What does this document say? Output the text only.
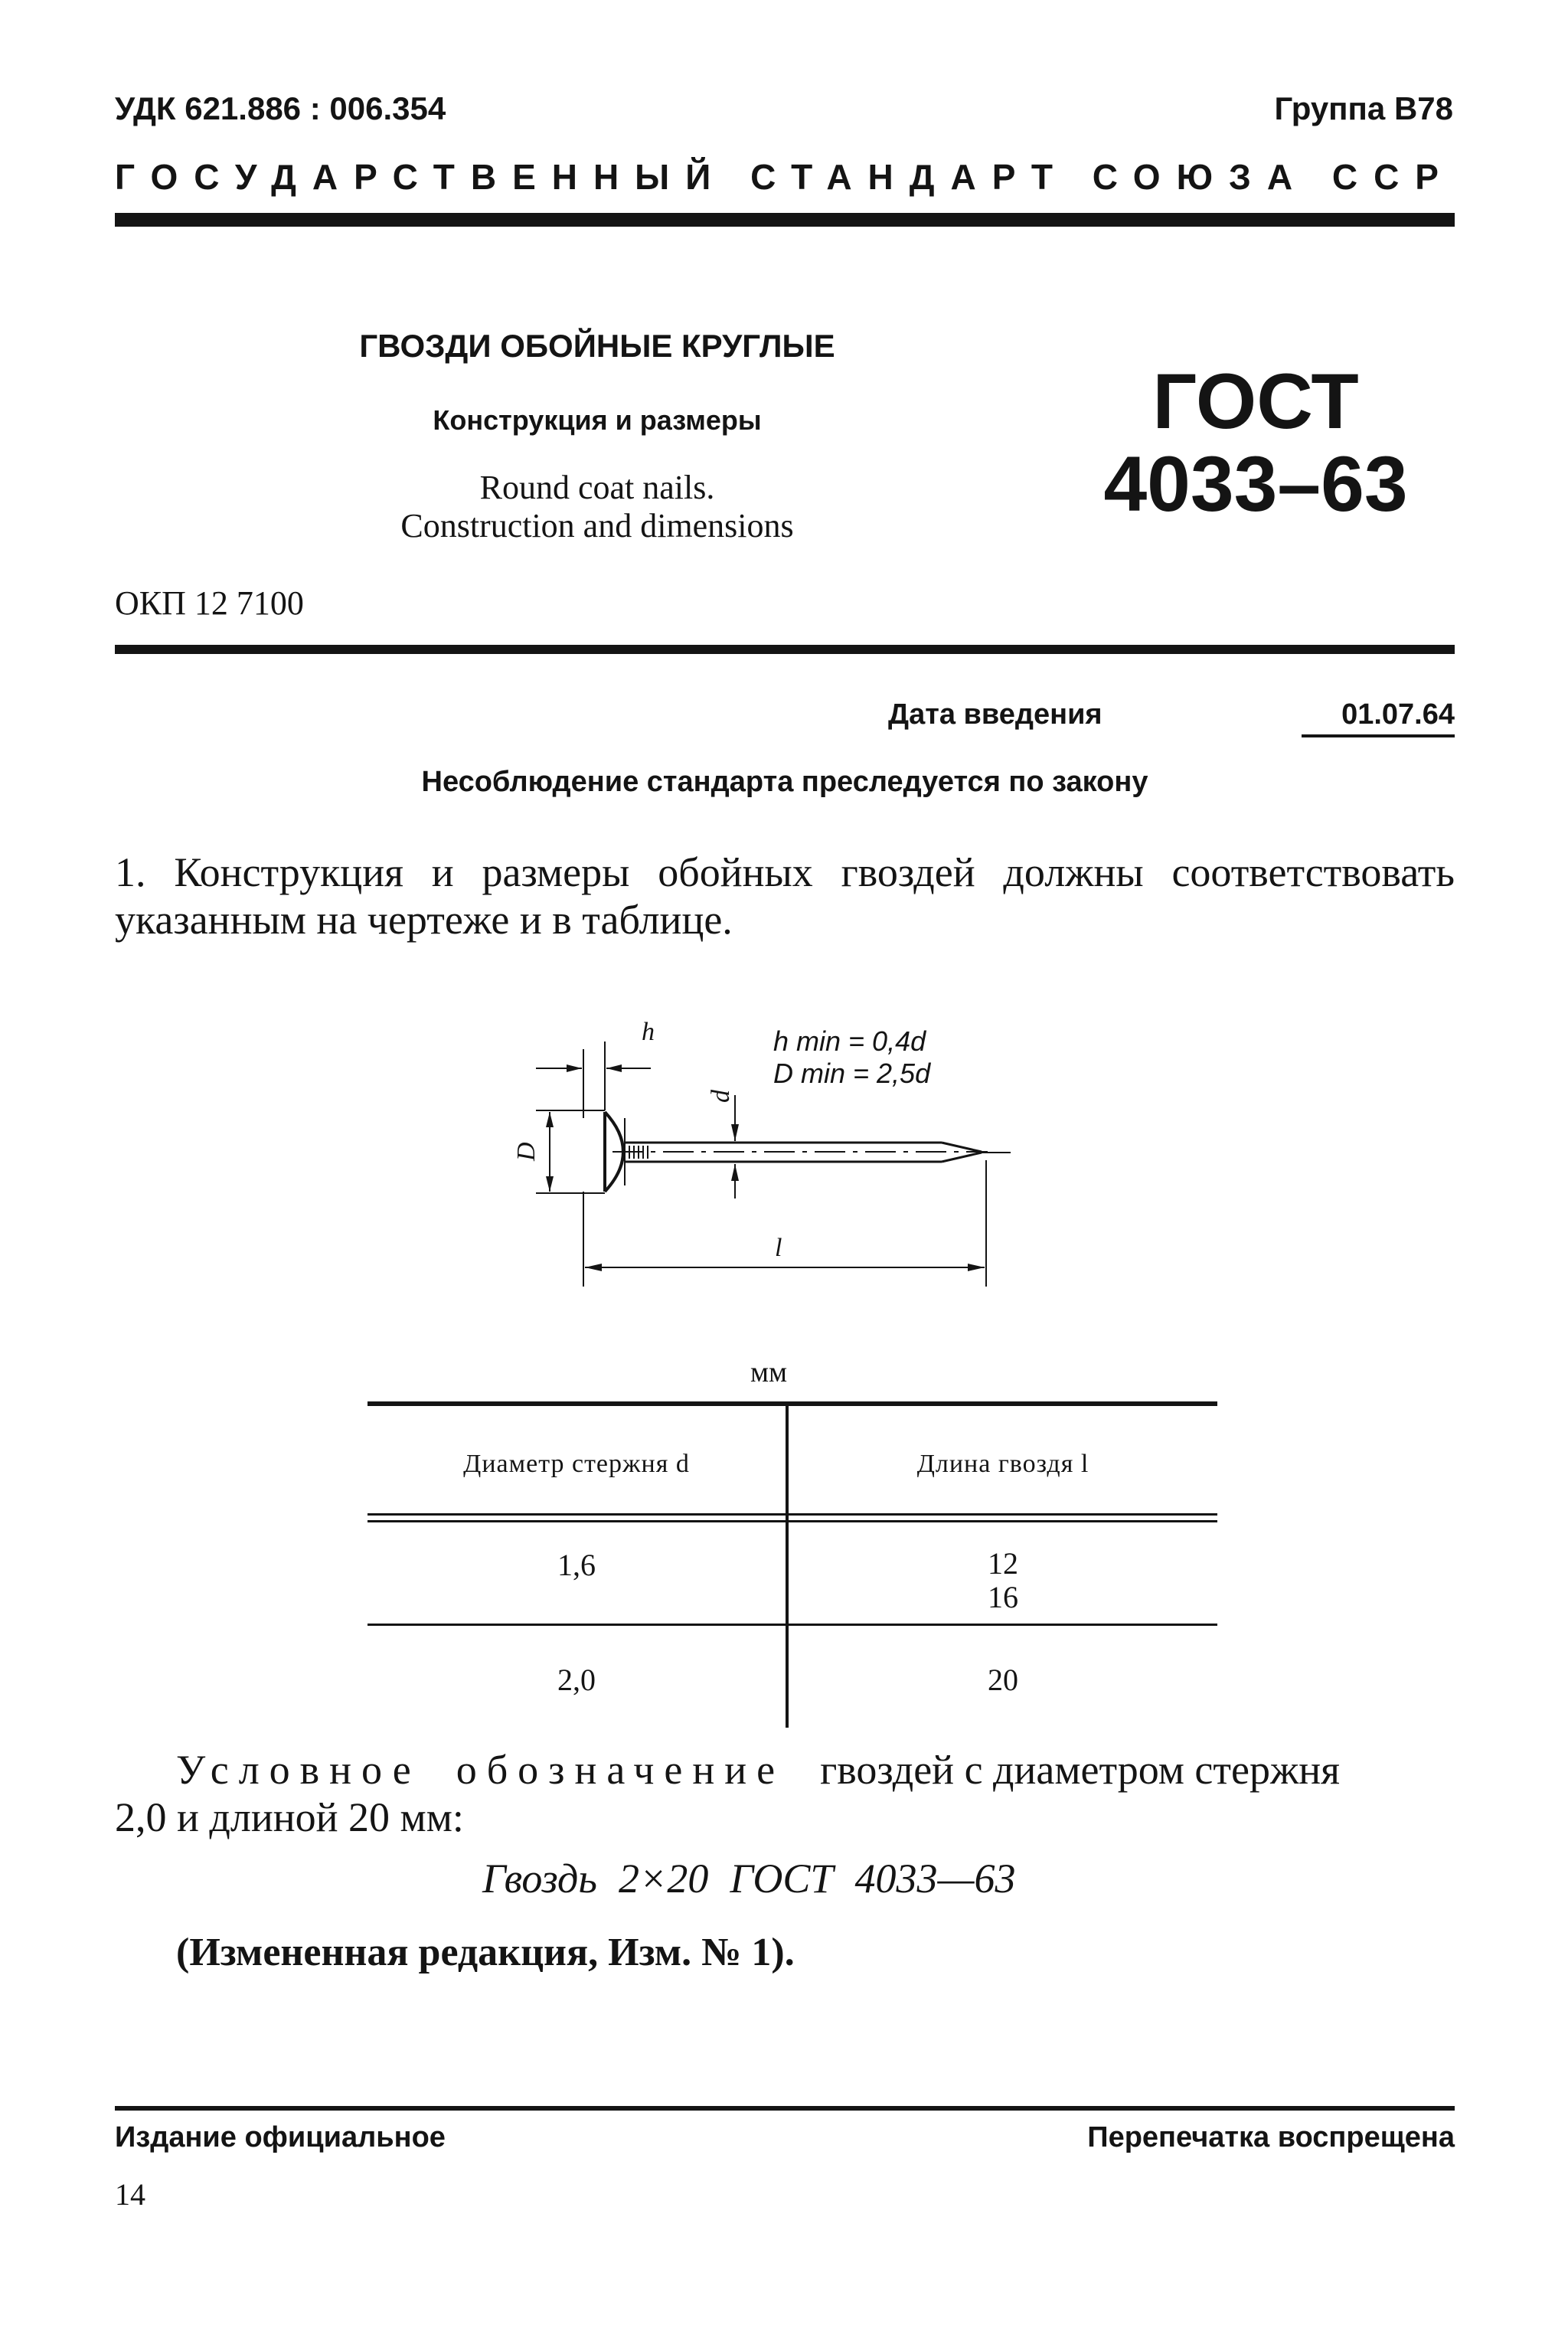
УДК 621.886 : 006.354	Группа В78
ГОСУДАРСТВЕННЫЙ СТАНДАРТ СОЮЗА ССР
ГВОЗДИ ОБОЙНЫЕ КРУГЛЫЕ
Конструкция и размеры
Round coat nails.
Construction and dimensions
ГОСТ
4033–63
ОКП 12 7100
Дата введения	01.07.64
Несоблюдение стандарта преследуется по закону
1. Конструкция и размеры обойных гвоздей должны соответствовать указанным на чертеже и в таблице.
h
d
D
l
h min = 0,4d
D min = 2,5d
мм
Диаметр стержня d	Длина гвоздя l
1,6	12
16
2,0	20
Условное обозначение гвоздей с диаметром стержня
2,0 и длиной 20 мм:
Гвоздь 2×20 ГОСТ 4033—63
(Измененная редакция, Изм. № 1).
Издание официальное	Перепечатка воспрещена
14
